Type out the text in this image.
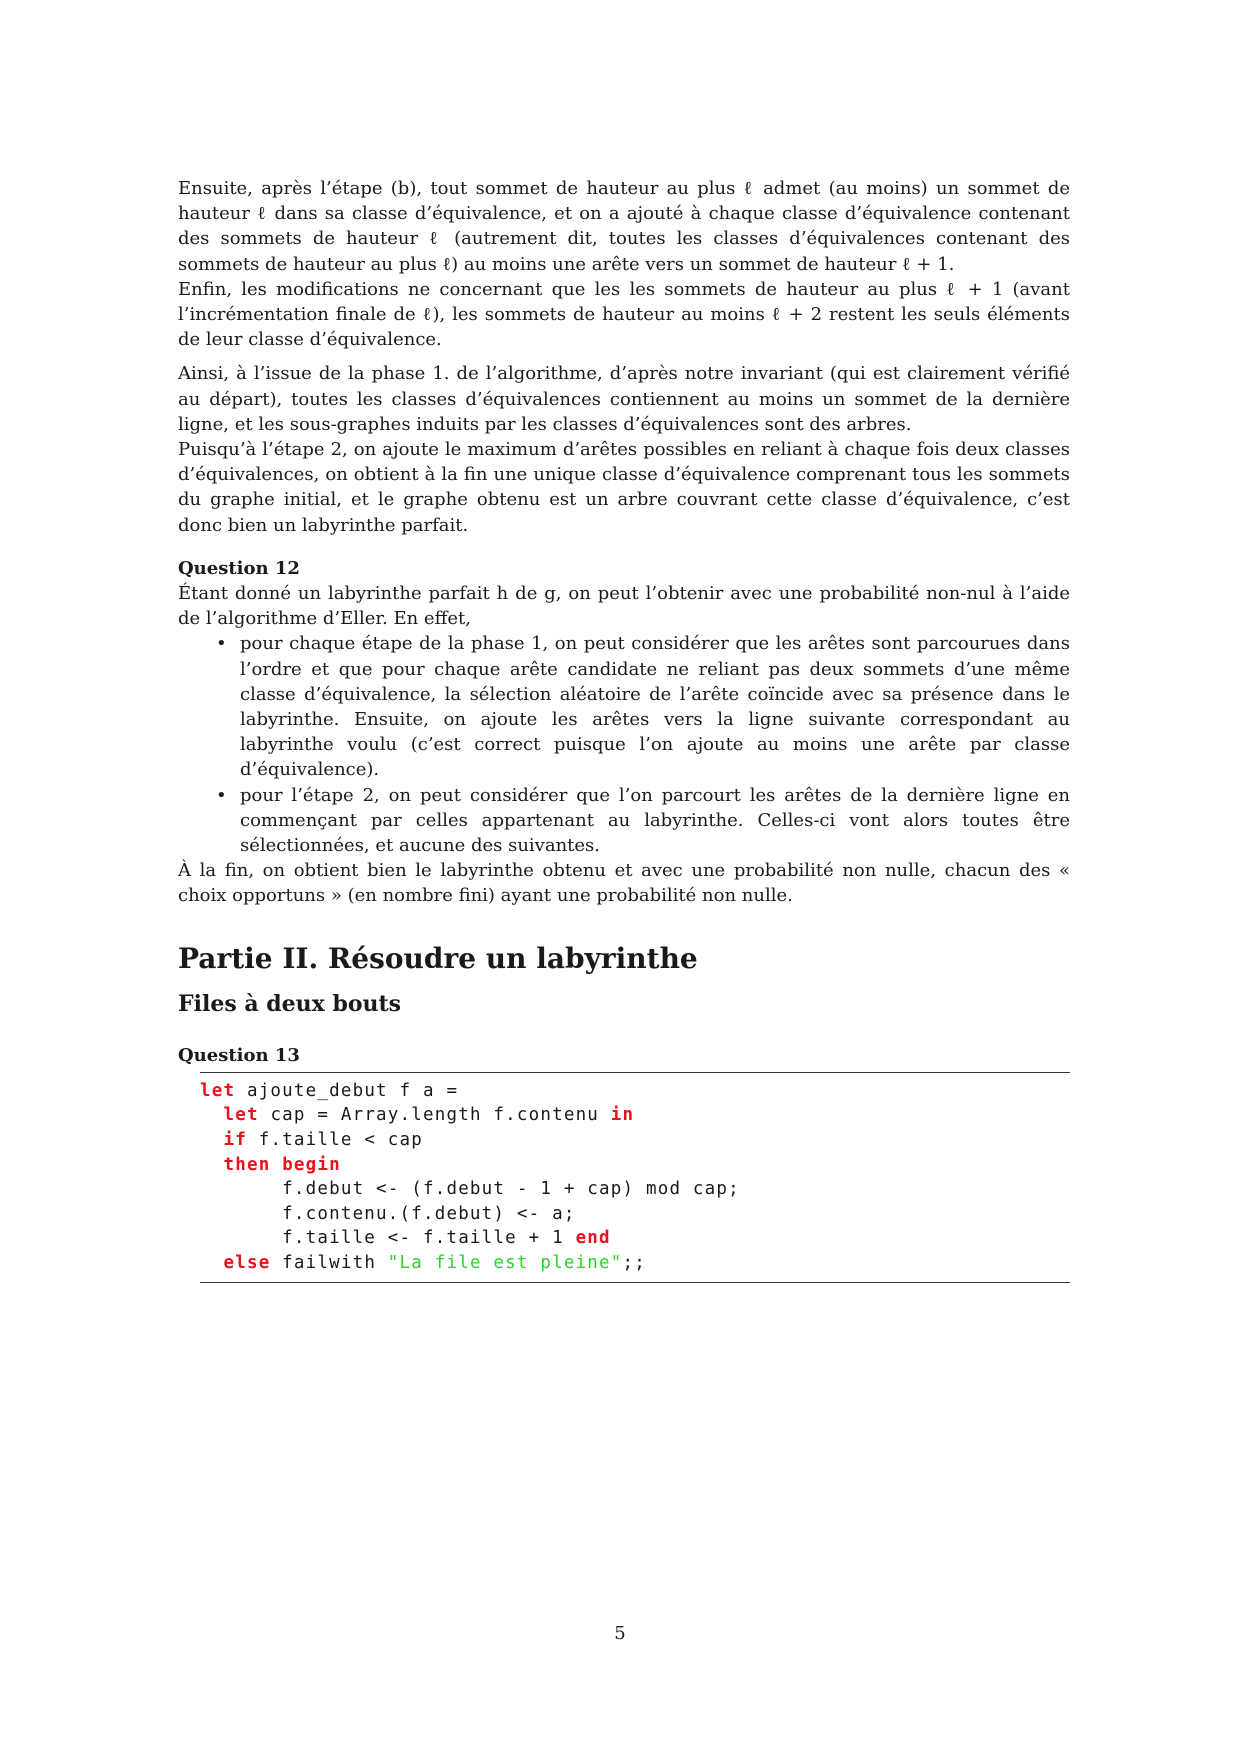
Ensuite, après l’étape (b), tout sommet de hauteur au plus ℓ admet (au moins) un sommet de hauteur ℓ dans sa classe d’équivalence, et on a ajouté à chaque classe d’équivalence contenant des sommets de hauteur ℓ (autrement dit, toutes les classes d’équivalences contenant des sommets de hauteur au plus ℓ) au moins une arête vers un sommet de hauteur ℓ + 1.

Enfin, les modifications ne concernant que les les sommets de hauteur au plus ℓ + 1 (avant l’incrémentation finale de ℓ), les sommets de hauteur au moins ℓ + 2 restent les seuls éléments de leur classe d’équivalence.

Ainsi, à l’issue de la phase 1. de l’algorithme, d’après notre invariant (qui est clairement vérifié au départ), toutes les classes d’équivalences contiennent au moins un sommet de la dernière ligne, et les sous-graphes induits par les classes d’équivalences sont des arbres.

Puisqu’à l’étape 2, on ajoute le maximum d’arêtes possibles en reliant à chaque fois deux classes d’équivalences, on obtient à la fin une unique classe d’équivalence comprenant tous les sommets du graphe initial, et le graphe obtenu est un arbre couvrant cette classe d’équivalence, c’est donc bien un labyrinthe parfait.

Question 12

Étant donné un labyrinthe parfait h de g, on peut l’obtenir avec une probabilité non-nul à l’aide de l’algorithme d’Eller. En effet,

• pour chaque étape de la phase 1, on peut considérer que les arêtes sont parcourues dans l’ordre et que pour chaque arête candidate ne reliant pas deux sommets d’une même classe d’équivalence, la sélection aléatoire de l’arête coïncide avec sa présence dans le labyrinthe. Ensuite, on ajoute les arêtes vers la ligne suivante correspondant au labyrinthe voulu (c’est correct puisque l’on ajoute au moins une arête par classe d’équivalence).
• pour l’étape 2, on peut considérer que l’on parcourt les arêtes de la dernière ligne en commençant par celles appartenant au labyrinthe. Celles-ci vont alors toutes être sélectionnées, et aucune des suivantes.

À la fin, on obtient bien le labyrinthe obtenu et avec une probabilité non nulle, chacun des « choix opportuns » (en nombre fini) ayant une probabilité non nulle.

Partie II. Résoudre un labyrinthe
Files à deux bouts

Question 13

let ajoute_debut f a =
let cap = Array.length f.contenu in
if f.taille < cap
then begin
f.debut <- (f.debut - 1 + cap) mod cap;
f.contenu.(f.debut) <- a;
f.taille <- f.taille + 1 end
else failwith "La file est pleine";;
5
